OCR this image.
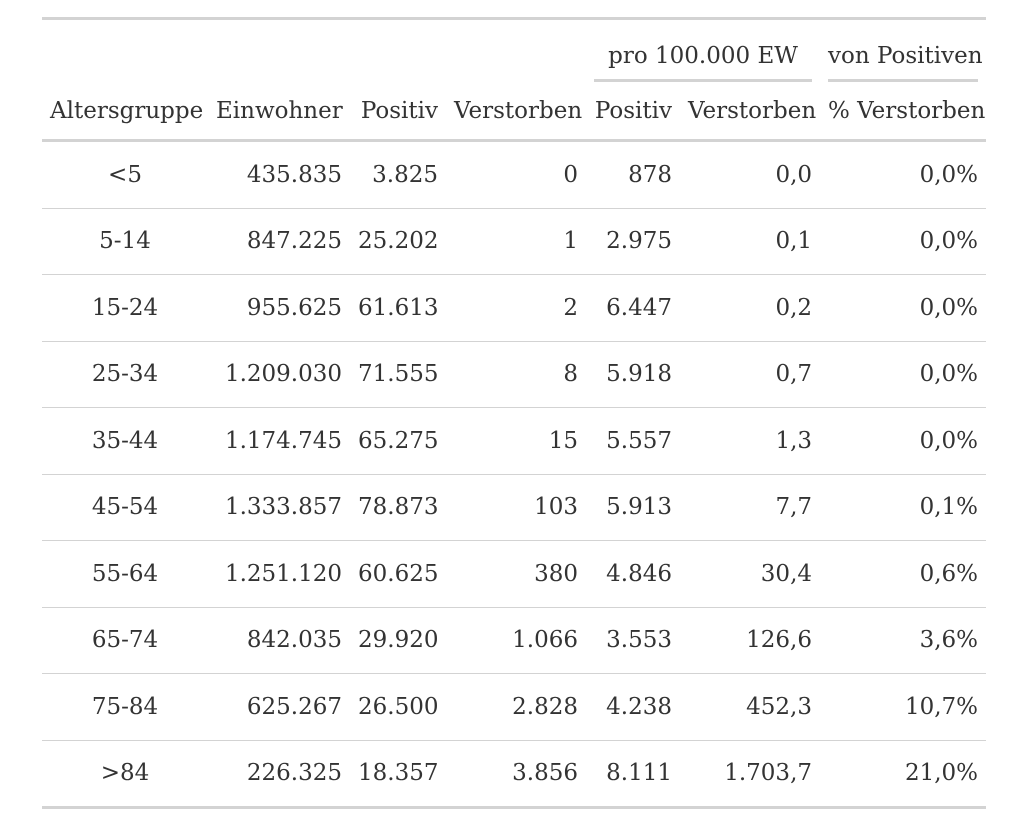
				pro 100.000 EW		von Positiven

Altersgruppe	Einwohner	Positiv	Verstorben	Positiv	Verstorben	% Verstorben
<5	435.835	3.825	0	878	0,0	0,0%
5-14	847.225	25.202	1	2.975	0,1	0,0%
15-24	955.625	61.613	2	6.447	0,2	0,0%
25-34	1.209.030	71.555	8	5.918	0,7	0,0%
35-44	1.174.745	65.275	15	5.557	1,3	0,0%
45-54	1.333.857	78.873	103	5.913	7,7	0,1%
55-64	1.251.120	60.625	380	4.846	30,4	0,6%
65-74	842.035	29.920	1.066	3.553	126,6	3,6%
75-84	625.267	26.500	2.828	4.238	452,3	10,7%
>84	226.325	18.357	3.856	8.111	1.703,7	21,0%
